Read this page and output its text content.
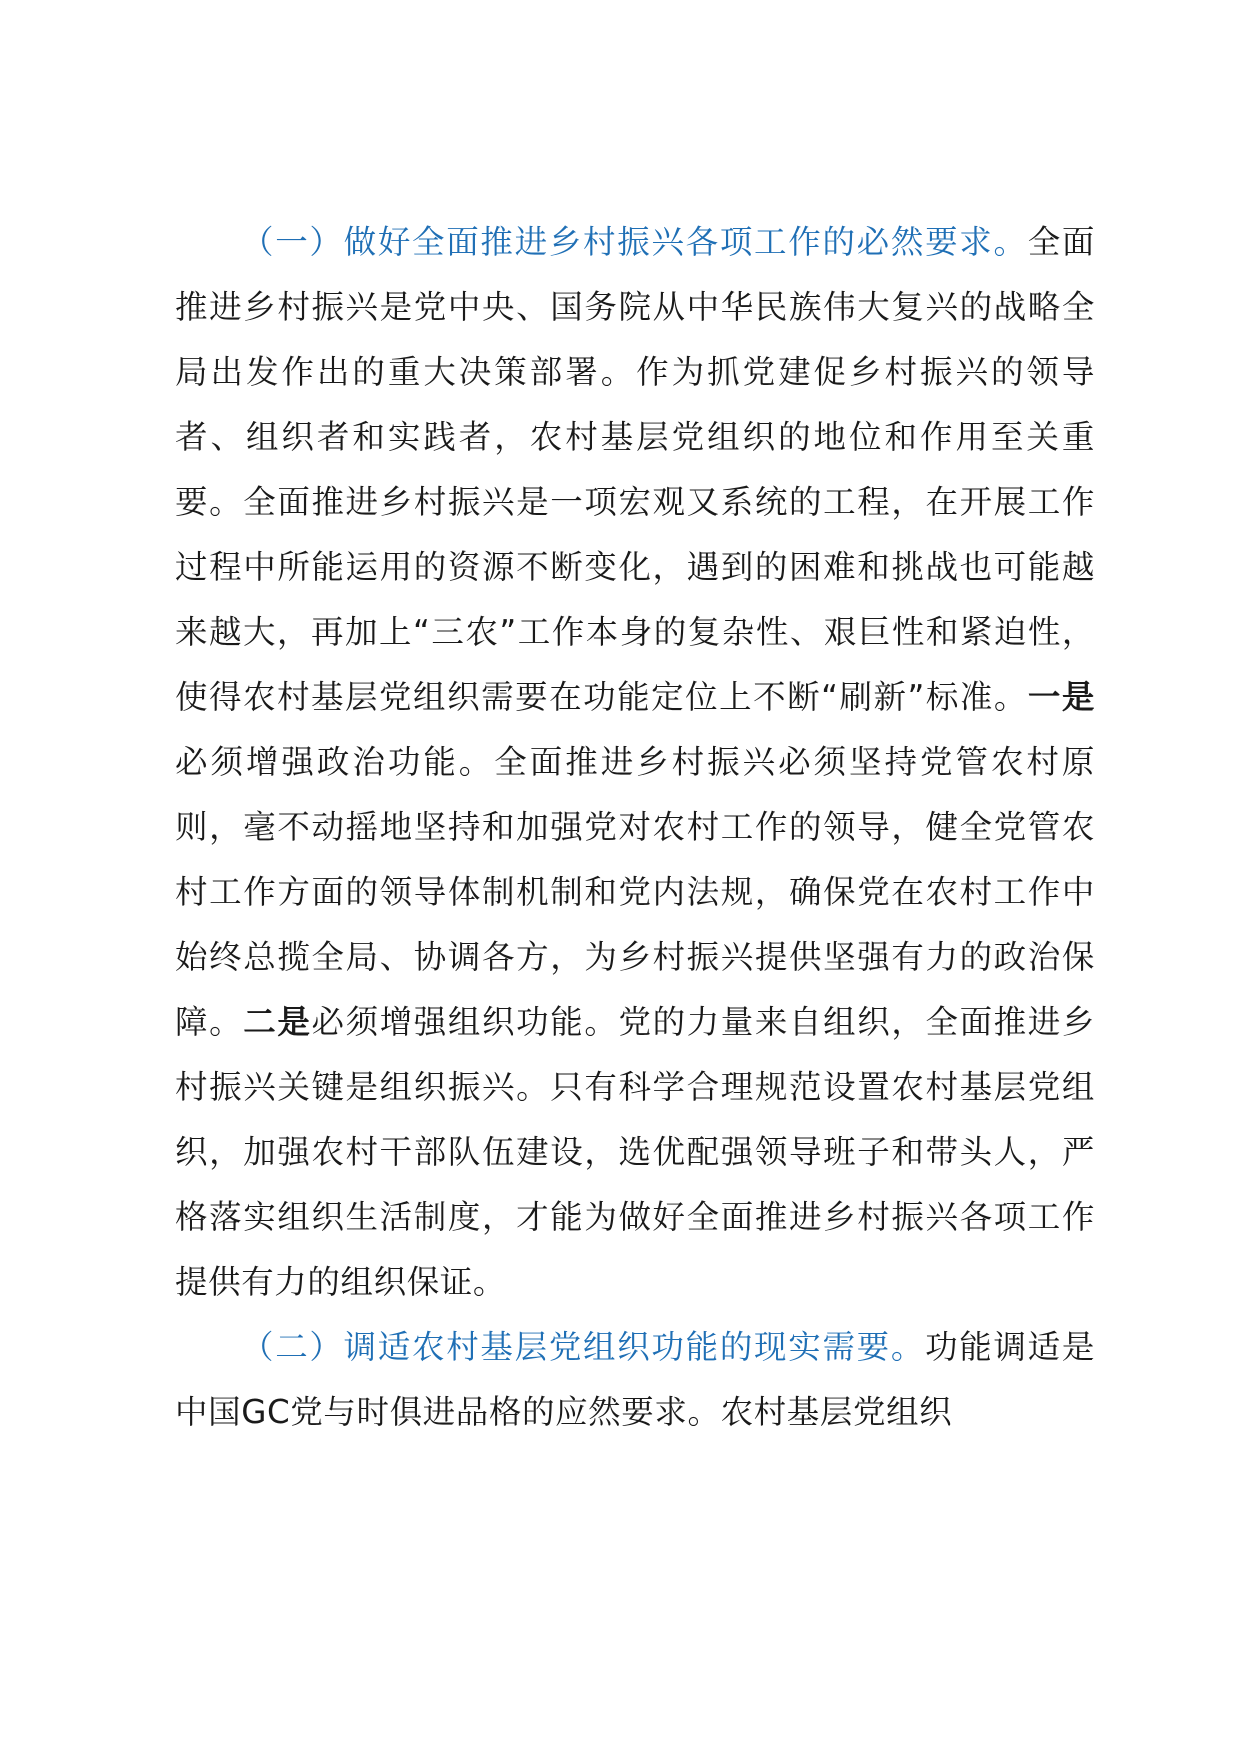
（一）做好全面推进乡村振兴各项工作的必然要求。全面推进乡村振兴是党中央、国务院从中华民族伟大复兴的战略全局出发作出的重大决策部署。作为抓党建促乡村振兴的领导者、组织者和实践者，农村基层党组织的地位和作用至关重要。全面推进乡村振兴是一项宏观又系统的工程，在开展工作过程中所能运用的资源不断变化，遇到的困难和挑战也可能越来越大，再加上“三农”工作本身的复杂性、艰巨性和紧迫性，使得农村基层党组织需要在功能定位上不断“刷新”标准。一是必须增强政治功能。全面推进乡村振兴必须坚持党管农村原则，毫不动摇地坚持和加强党对农村工作的领导，健全党管农村工作方面的领导体制机制和党内法规，确保党在农村工作中始终总揽全局、协调各方，为乡村振兴提供坚强有力的政治保障。二是必须增强组织功能。党的力量来自组织，全面推进乡村振兴关键是组织振兴。只有科学合理规范设置农村基层党组织，加强农村干部队伍建设，选优配强领导班子和带头人，严格落实组织生活制度，才能为做好全面推进乡村振兴各项工作提供有力的组织保证。

（二）调适农村基层党组织功能的现实需要。功能调适是中国GC党与时俱进品格的应然要求。农村基层党组织
